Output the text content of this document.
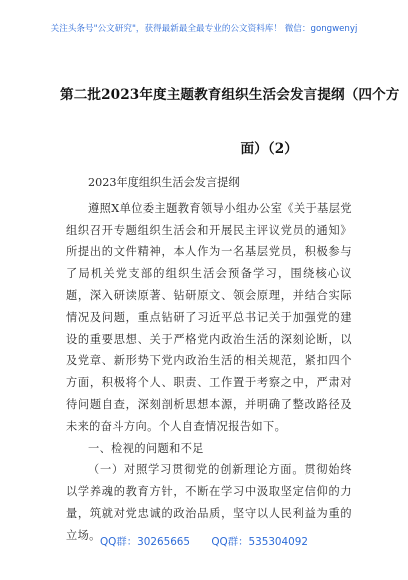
关注头条号"公文研究"，获得最新最全最专业的公文资料库！ 微信：gongwenyj
第二批2023年度主题教育组织生活会发言提纲（四个方
面）（2）
2023年度组织生活会发言提纲

遵照X单位委主题教育领导小组办公室《关于基层党组织召开专题组织生活会和开展民主评议党员的通知》所提出的文件精神，本人作为一名基层党员，积极参与了局机关党支部的组织生活会预备学习，围绕核心议题，深入研读原著、钻研原文、领会原理，并结合实际情况及问题，重点钻研了习近平总书记关于加强党的建设的重要思想、关于严格党内政治生活的深刻论断，以及党章、新形势下党内政治生活的相关规范，紧扣四个方面，积极将个人、职责、工作置于考察之中，严肃对待问题自查，深刻剖析思想本源，并明确了整改路径及未来的奋斗方向。个人自查情况报告如下。

一、检视的问题和不足

（一）对照学习贯彻党的创新理论方面。贯彻始终以学养魂的教育方针，不断在学习中汲取坚定信仰的力量，筑就对党忠诚的政治品质，坚守以人民利益为重的立场。

QQ群：30265665 QQ群：535304092
